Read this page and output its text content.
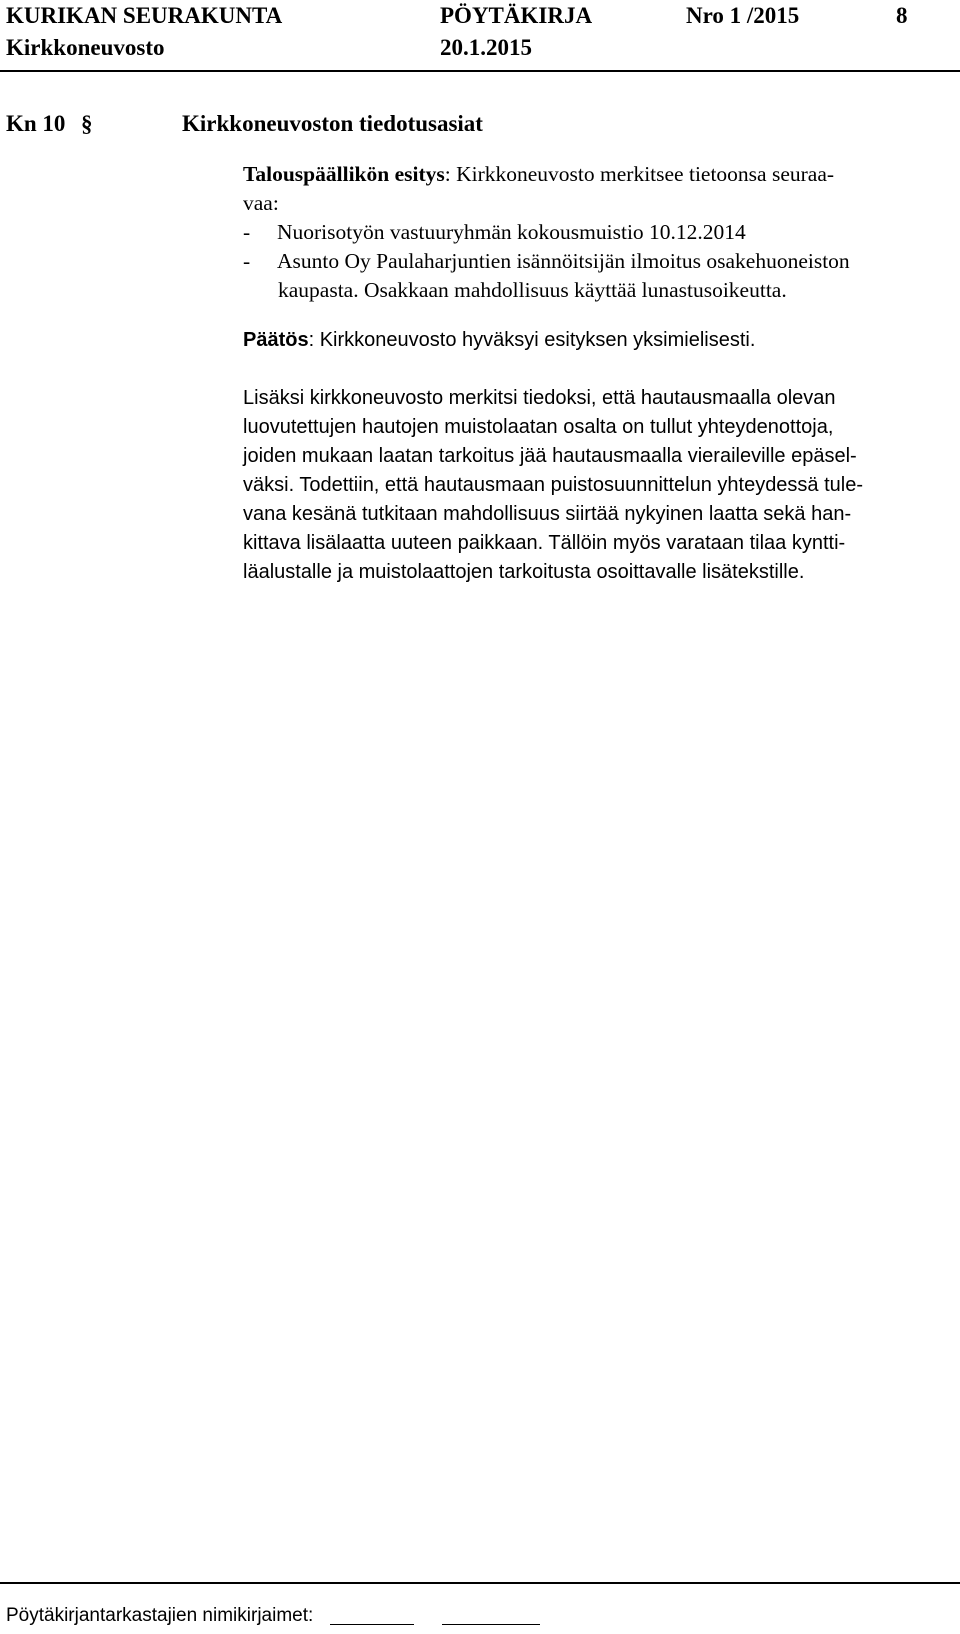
KURIKAN SEURAKUNTA	PÖYTÄKIRJA	Nro 1 /2015	8
Kirkkoneuvosto	20.1.2015
Kn 10 §	Kirkkoneuvoston tiedotusasiat
Talouspäällikön esitys: Kirkkoneuvosto merkitsee tietoonsa seuraa-
vaa:
- Nuorisotyön vastuuryhmän kokousmuistio 10.12.2014
- Asunto Oy Paulaharjuntien isännöitsijän ilmoitus osakehuoneiston
kaupasta. Osakkaan mahdollisuus käyttää lunastusoikeutta.
Päätös: Kirkkoneuvosto hyväksyi esityksen yksimielisesti.
Lisäksi kirkkoneuvosto merkitsi tiedoksi, että hautausmaalla olevan
luovutettujen hautojen muistolaatan osalta on tullut yhteydenottoja,
joiden mukaan laatan tarkoitus jää hautausmaalla vieraileville epäsel-
väksi. Todettiin, että hautausmaan puistosuunnittelun yhteydessä tule-
vana kesänä tutkitaan mahdollisuus siirtää nykyinen laatta sekä han-
kittava lisälaatta uuteen paikkaan. Tällöin myös varataan tilaa kyntti-
läalustalle ja muistolaattojen tarkoitusta osoittavalle lisätekstille.
Pöytäkirjantarkastajien nimikirjaimet:
